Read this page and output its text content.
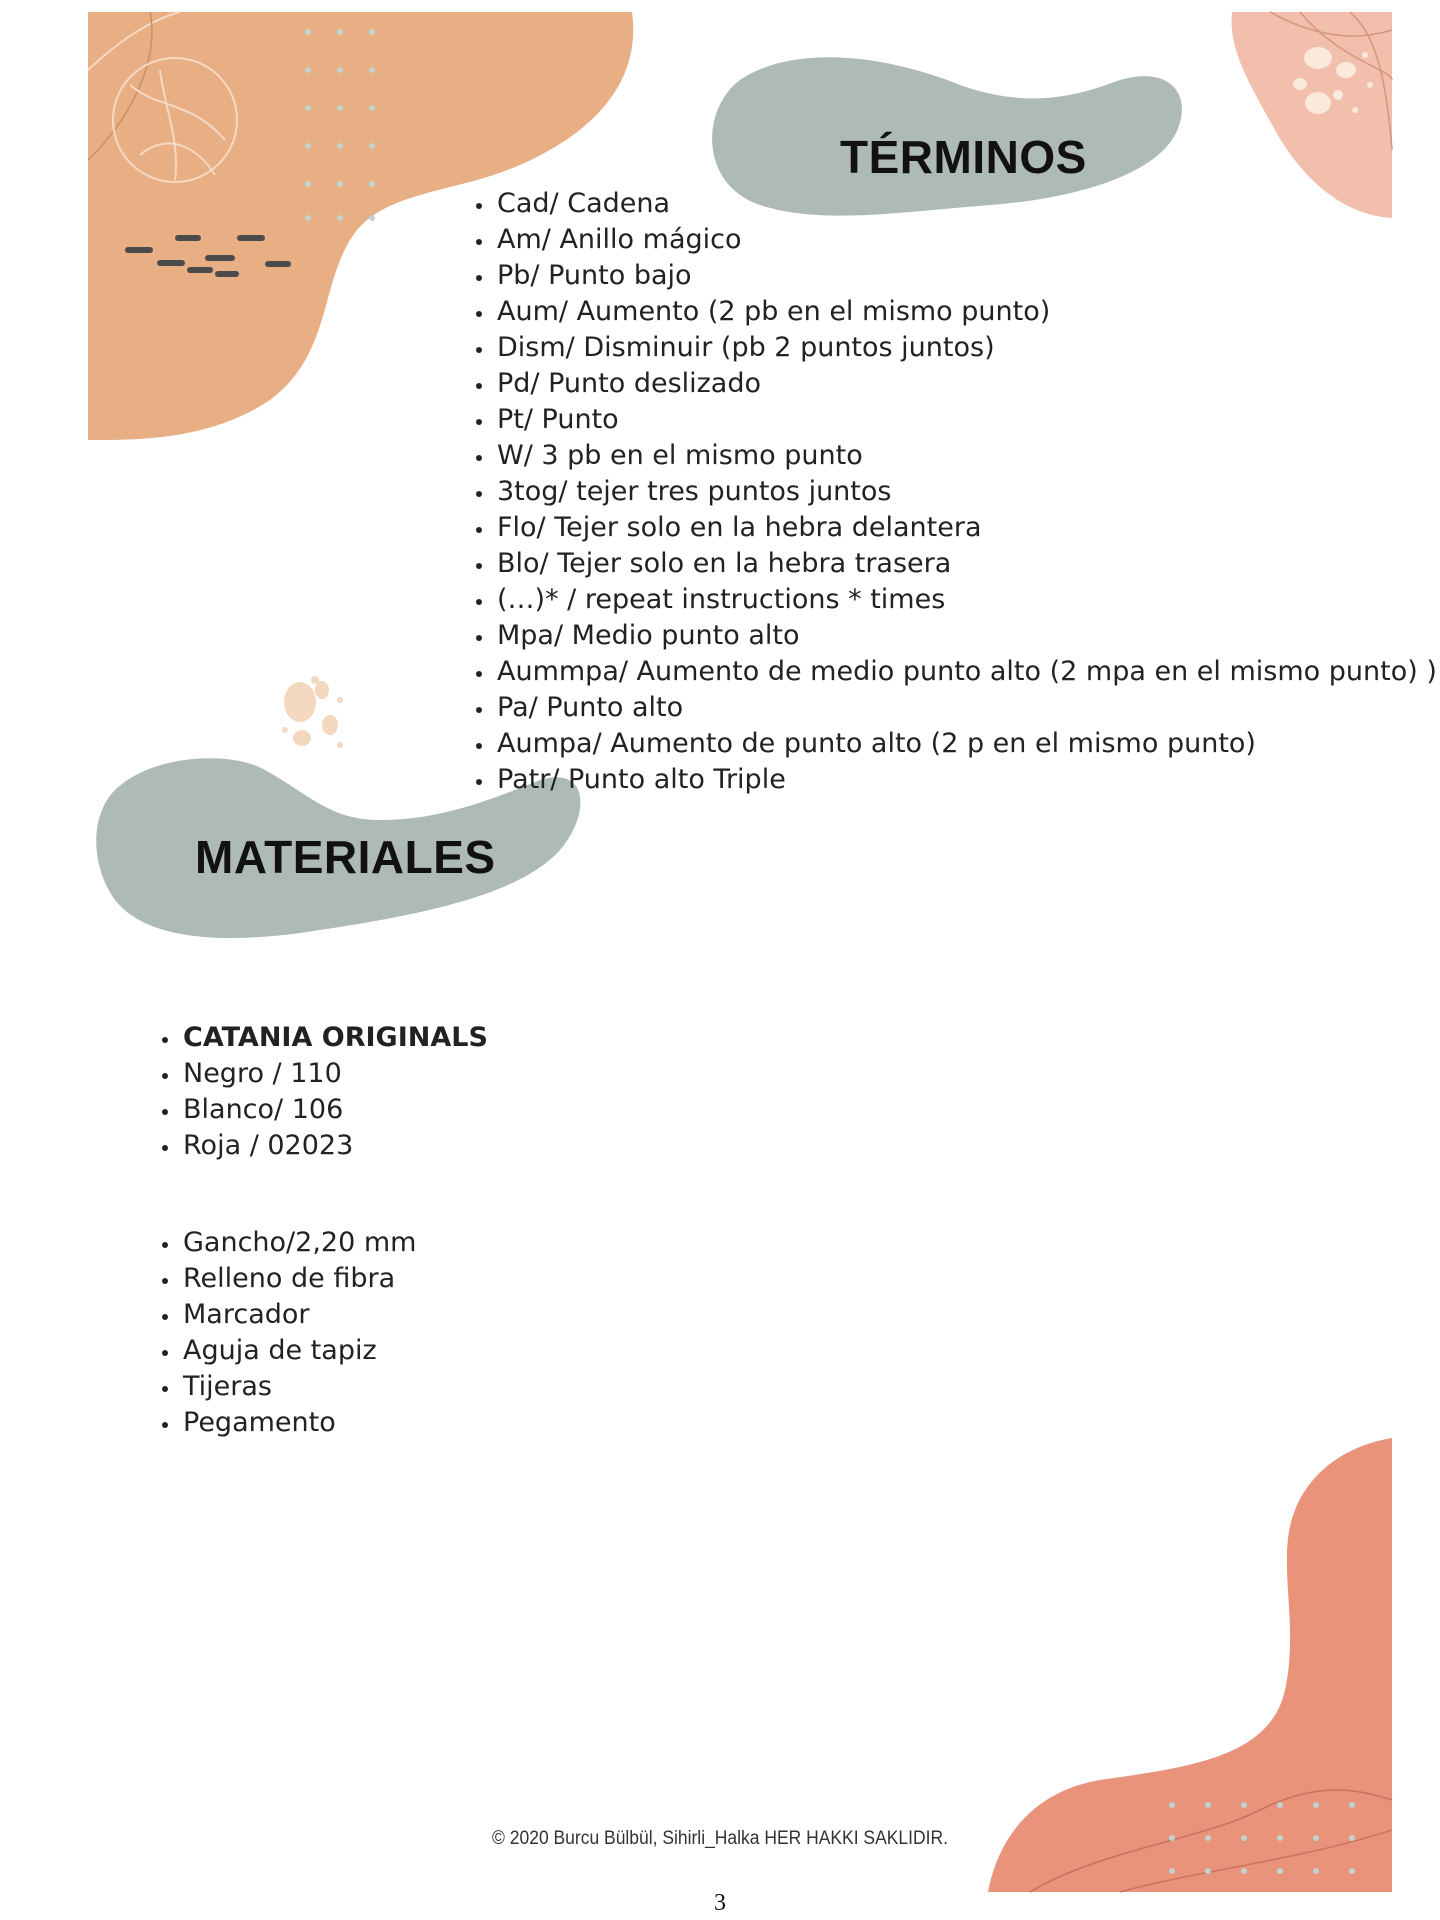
TÉRMINOS
• Cad/ Cadena
• Am/ Anillo mágico
• Pb/ Punto bajo
• Aum/ Aumento (2 pb en el mismo punto)
• Dism/ Disminuir (pb 2 puntos juntos)
• Pd/ Punto deslizado
• Pt/ Punto
• W/ 3 pb en el mismo punto
• 3tog/ tejer tres puntos juntos
• Flo/ Tejer solo en la hebra delantera
• Blo/ Tejer solo en la hebra trasera
• (…)* / repeat instructions * times
• Mpa/ Medio punto alto
• Aummpa/ Aumento de medio punto alto (2 mpa en el mismo punto) )
• Pa/ Punto alto
• Aumpa/ Aumento de punto alto (2 p en el mismo punto)
• Patr/ Punto alto Triple
MATERIALES
• CATANIA ORIGINALS
• Negro / 110
• Blanco/ 106
• Roja / 02023
• Gancho/2,20 mm
• Relleno de fibra
• Marcador
• Aguja de tapiz
• Tijeras
• Pegamento
© 2020 Burcu Bülbül, Sihirli_Halka HER HAKKI SAKLIDIR.
3
